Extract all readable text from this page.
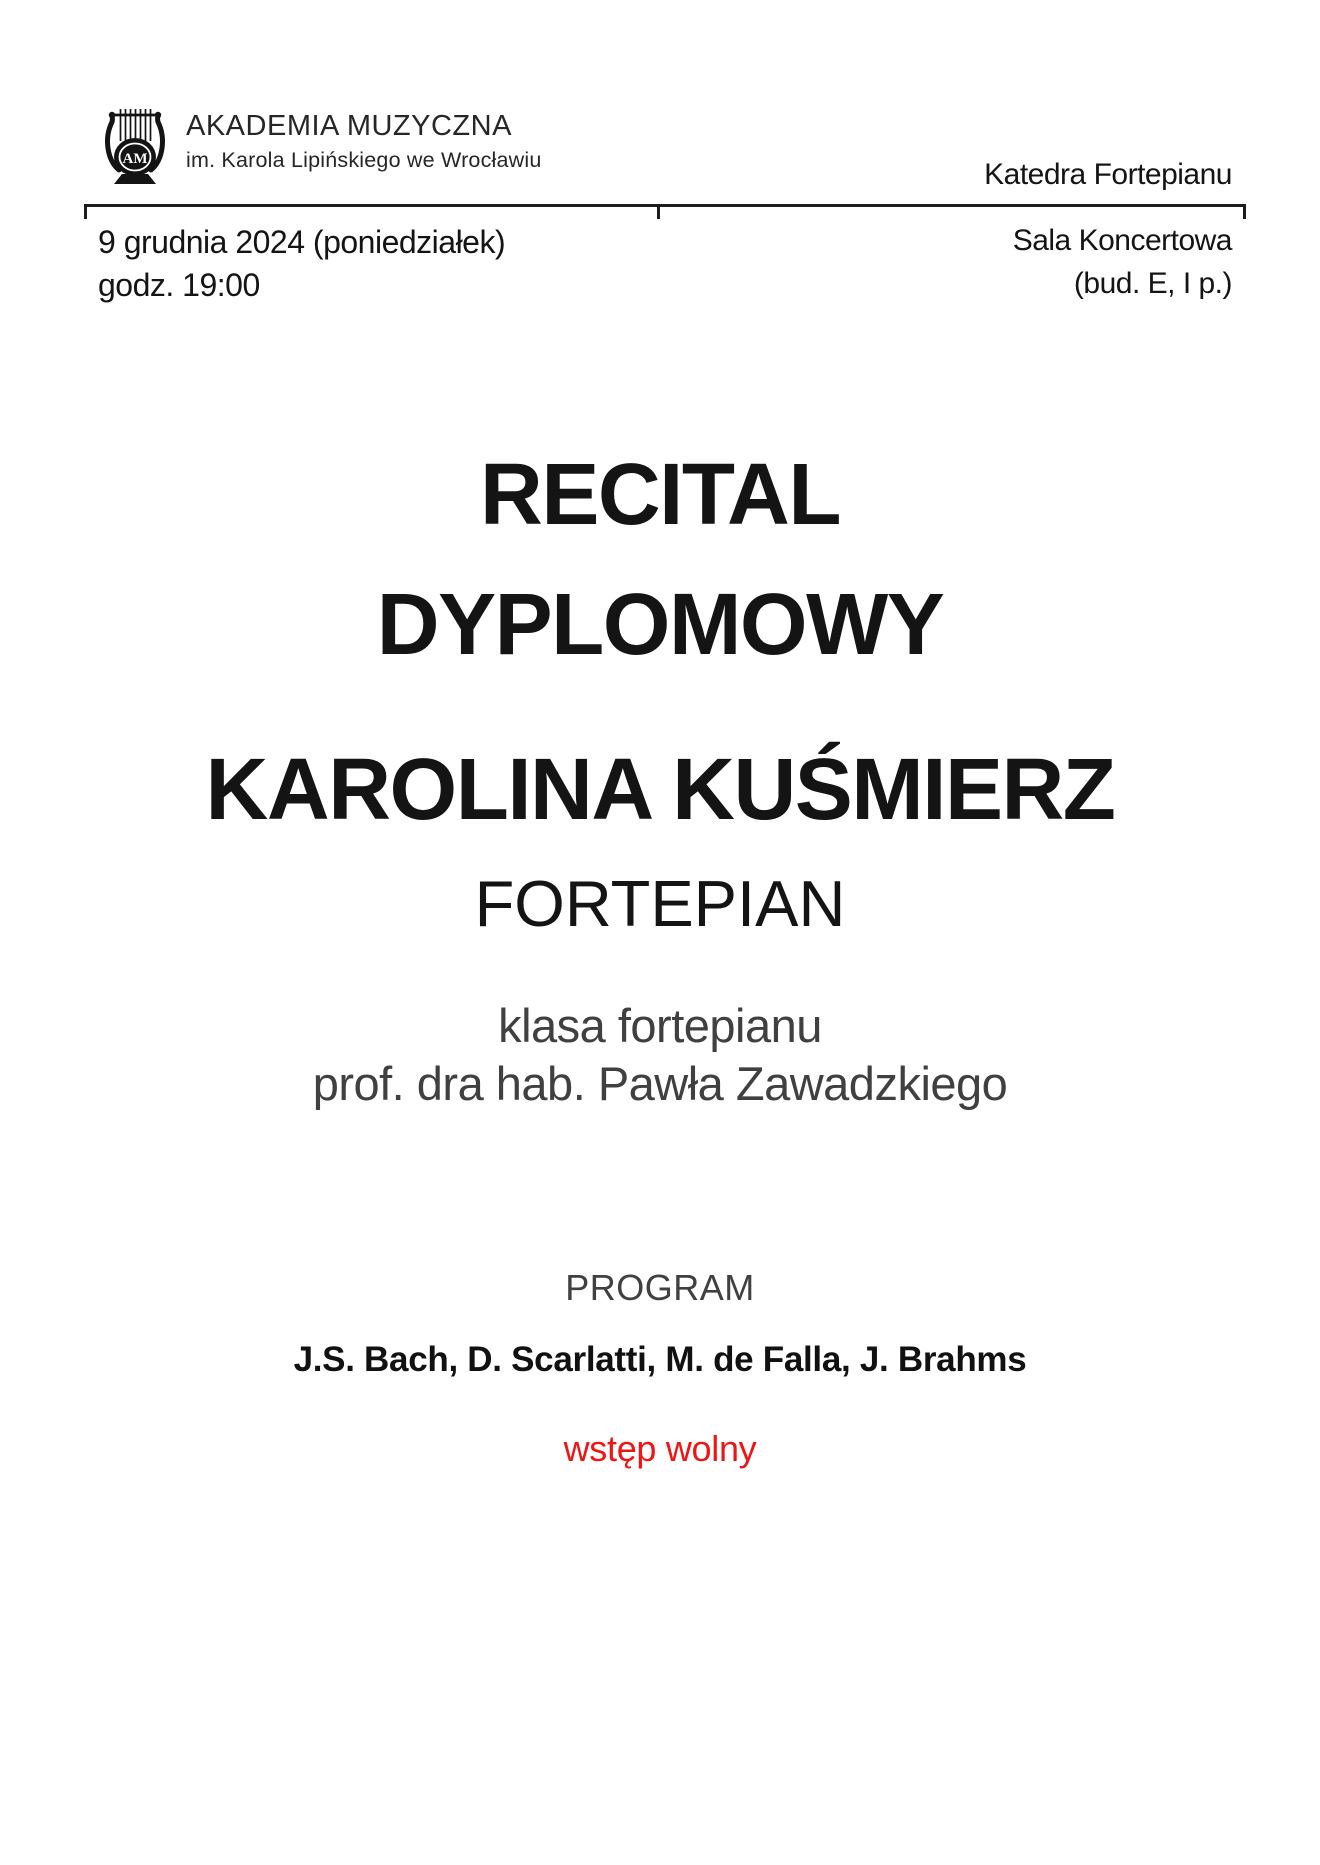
AM
AKADEMIA MUZYCZNA
im. Karola Lipińskiego we Wrocławiu	Katedra Fortepianu
9 grudnia 2024 (poniedziałek)
godz. 19:00
Sala Koncertowa
(bud. E, I p.)
RECITAL
DYPLOMOWY
KAROLINA KUŚMIERZ
FORTEPIAN
klasa fortepianu
prof. dra hab. Pawła Zawadzkiego
PROGRAM
J.S. Bach, D. Scarlatti, M. de Falla, J. Brahms
wstęp wolny
